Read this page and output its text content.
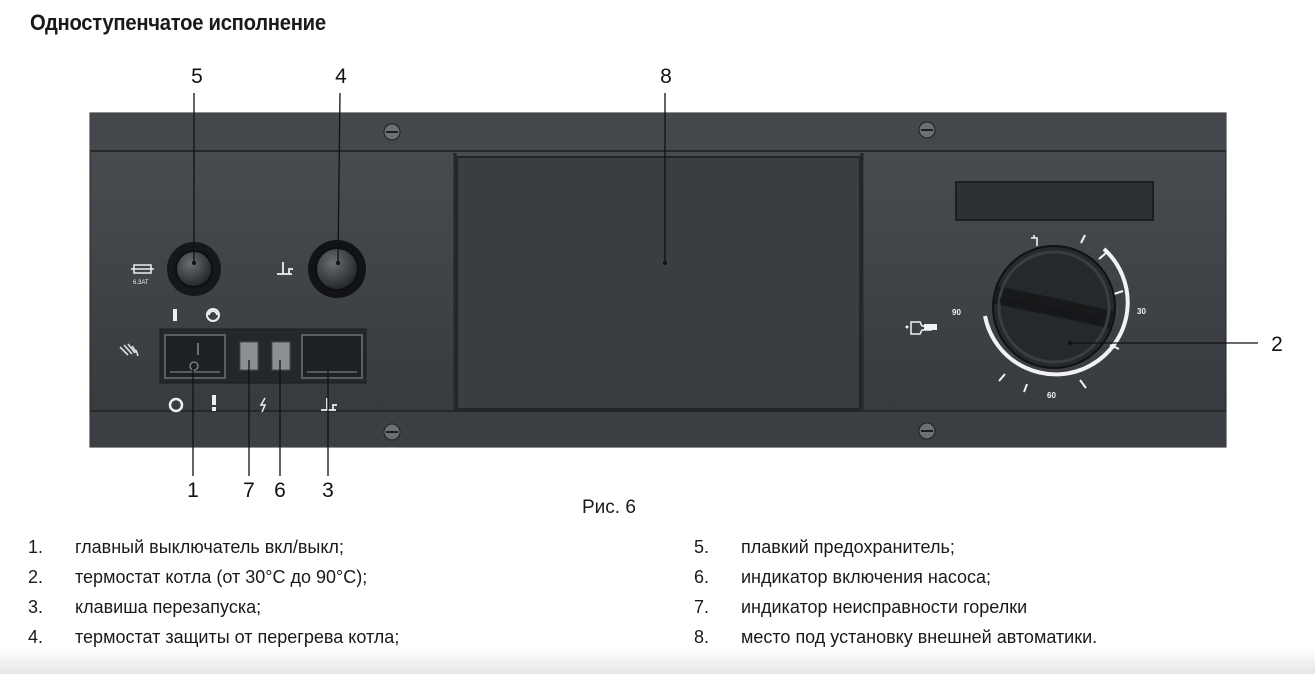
Одноступенчатое исполнение
5	4	8
2
1	7 6	3
6.3AT
90	30
60
Рис. 6
1.	главный выключатель вкл/выкл;
2.	термостат котла (от 30°С до 90°С);
3.	клавиша перезапуска;
4.	термостат защиты от перегрева котла;
5.	плавкий предохранитель;
6.	индикатор включения насоса;
7.	индикатор неисправности горелки
8.	место под установку внешней автоматики.
